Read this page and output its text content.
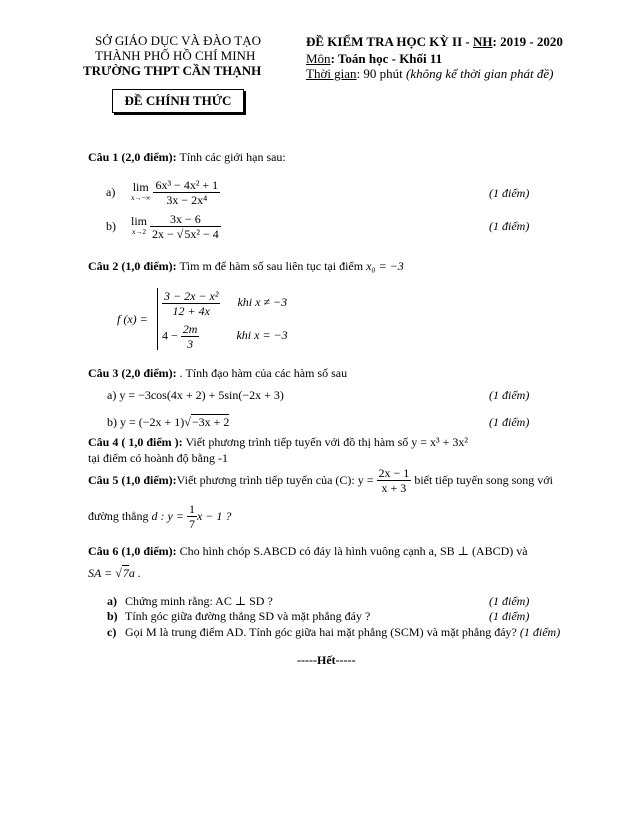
SỞ GIÁO DỤC VÀ ĐÀO TẠO
THÀNH PHỐ HỒ CHÍ MINH
TRƯỜNG THPT CẦN THẠNH
ĐỀ CHÍNH THỨC
ĐỀ KIỂM TRA HỌC KỲ II - NH: 2019 - 2020
Môn: Toán học - Khối 11
Thời gian: 90 phút (không kể thời gian phát đề)
Câu 1 (2,0 điểm): Tính các giới hạn sau:
a) lim
x→−∞
$\frac{\text{6x³ − 4x² + 1}}{\text{3x − 2x⁴}}$	(1 điểm)
b) lim
x→2
$\frac{3x - 6}{\text{2x − √5x² − 4}}$	(1 điểm)
Câu 2 (1,0 điểm): Tìm m để hàm số sau liên tục tại điểm x₀ = −3
f (x) =
$\frac{\text{3 − 2x − x²}}{12 + 4x}$ khi x ≠ −3
$4 - \frac{2m}{3}$	khi x = −3
Câu 3 (2,0 điểm): . Tính đạo hàm của các hàm số sau
a) y = −3cos(4x + 2) + 5sin(−2x + 3)	(1 điểm)
b) y = (−2x + 1)√−3x + 2	(1 điểm)
Câu 4 ( 1,0 điểm ): Viết phương trình tiếp tuyến với đồ thị hàm số y = x³ + 3x²
tại điểm có hoành độ bằng -1
Câu 5 (1,0 điểm):Viết phương trình tiếp tuyến của (C): $y = \frac{2x - 1}{x + 3}$ biết tiếp tuyến song song với
đường thẳng d : $y = \frac{1}{7}$ x − 1 ?
Câu 6 (1,0 điểm): Cho hình chóp S.ABCD có đáy là hình vuông cạnh a, SB ⊥ (ABCD) và
SA = √7a .
a) Chứng minh rằng: AC ⊥ SD ?	(1 điểm)
b) Tính góc giữa đường thẳng SD và mặt phẳng đáy ?	(1 điểm)
c) Gọi M là trung điểm AD. Tính góc giữa hai mặt phẳng (SCM) và mặt phẳng đáy? (1 điểm)
-----Hết-----
